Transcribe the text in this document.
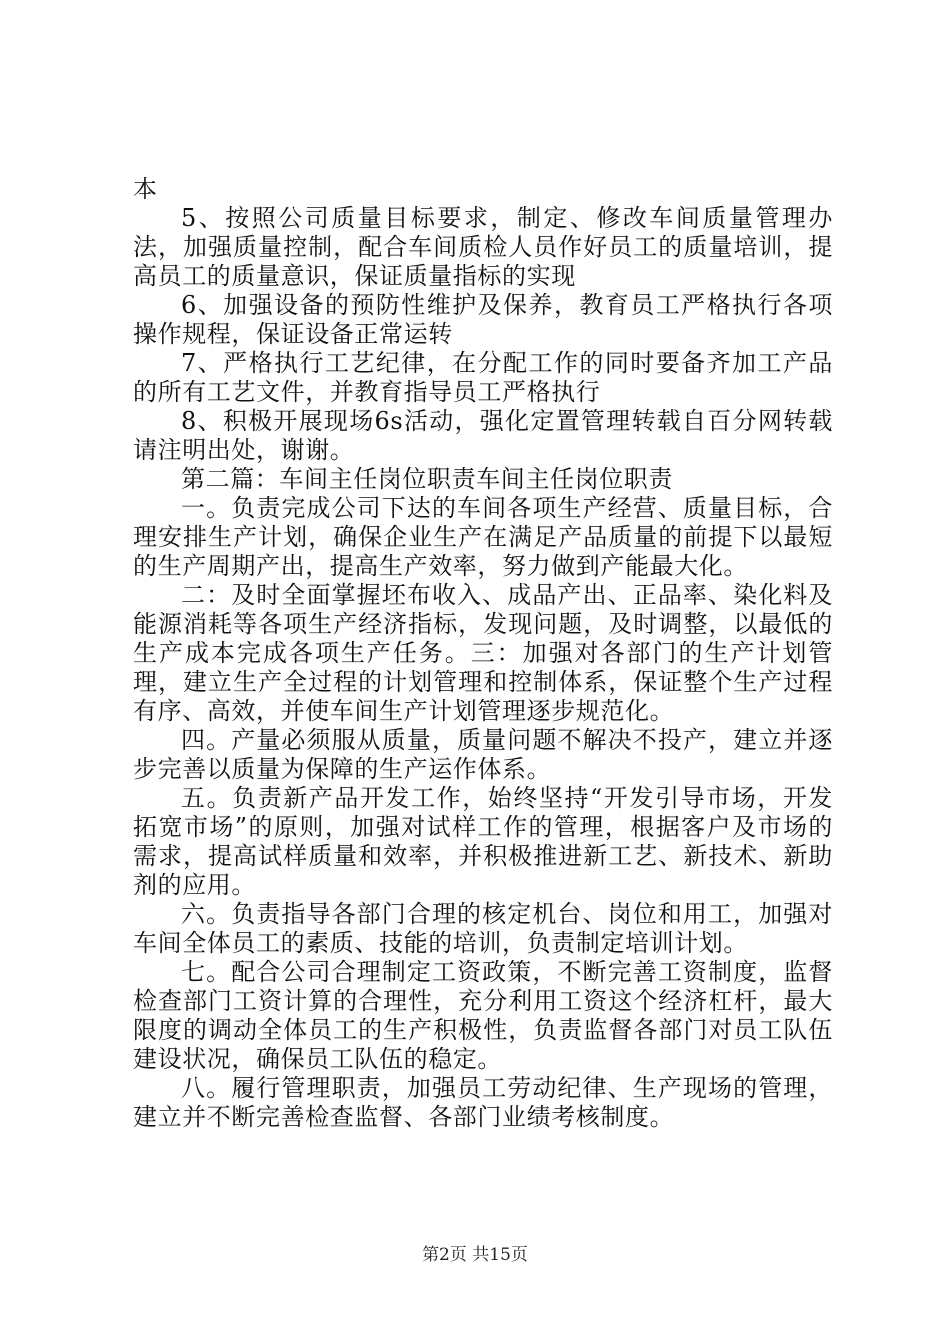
本

5、按照公司质量目标要求，制定、修改车间质量管理办法，加强质量控制，配合车间质检人员作好员工的质量培训，提高员工的质量意识，保证质量指标的实现

6、加强设备的预防性维护及保养，教育员工严格执行各项操作规程，保证设备正常运转

7、严格执行工艺纪律，在分配工作的同时要备齐加工产品的所有工艺文件，并教育指导员工严格执行

8、积极开展现场6s活动，强化定置管理转载自百分网转载请注明出处，谢谢。

第二篇：车间主任岗位职责车间主任岗位职责

一。负责完成公司下达的车间各项生产经营、质量目标，合理安排生产计划，确保企业生产在满足产品质量的前提下以最短的生产周期产出，提高生产效率，努力做到产能最大化。

二：及时全面掌握坯布收入、成品产出、正品率、染化料及能源消耗等各项生产经济指标，发现问题，及时调整，以最低的生产成本完成各项生产任务。三：加强对各部门的生产计划管理，建立生产全过程的计划管理和控制体系，保证整个生产过程有序、高效，并使车间生产计划管理逐步规范化。

四。产量必须服从质量，质量问题不解决不投产，建立并逐步完善以质量为保障的生产运作体系。

五。负责新产品开发工作，始终坚持“开发引导市场，开发拓宽市场”的原则，加强对试样工作的管理，根据客户及市场的需求，提高试样质量和效率，并积极推进新工艺、新技术、新助剂的应用。

六。负责指导各部门合理的核定机台、岗位和用工，加强对车间全体员工的素质、技能的培训，负责制定培训计划。

七。配合公司合理制定工资政策，不断完善工资制度，监督检查部门工资计算的合理性，充分利用工资这个经济杠杆，最大限度的调动全体员工的生产积极性，负责监督各部门对员工队伍建设状况，确保员工队伍的稳定。

八。履行管理职责，加强员工劳动纪律、生产现场的管理，建立并不断完善检查监督、各部门业绩考核制度。

第2页 共15页
